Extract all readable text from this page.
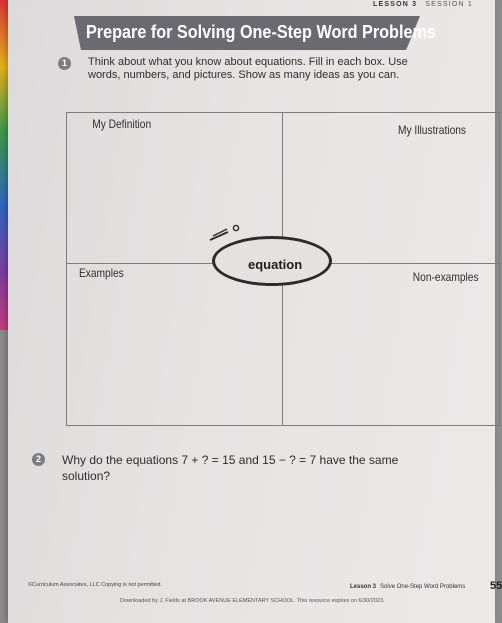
LESSON 3 SESSION 1
Prepare for Solving One-Step Word Problems
1	Think about what you know about equations. Fill in each box. Use words, numbers, and pictures. Show as many ideas as you can.
My Definition	My Illustrations
Examples	Non-examples
equation
2	Why do the equations 7 + ? = 15 and 15 − ? = 7 have the same solution?
©Curriculum Associates, LLC Copying is not permitted.	Lesson 3 Solve One-Step Word Problems 55
Downloaded by J. Fields at BROOK AVENUE ELEMENTARY SCHOOL. This resource expires on 6/30/2023.
